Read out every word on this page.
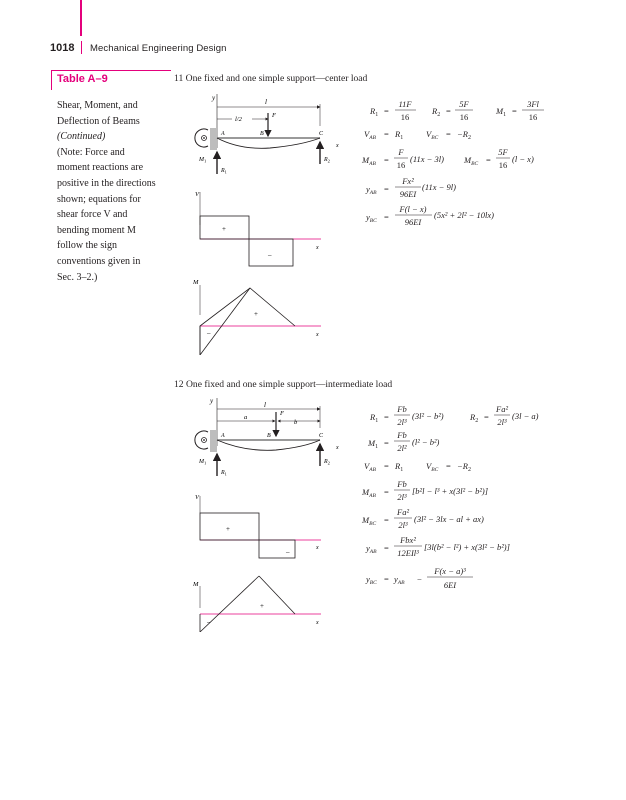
1018 Mechanical Engineering Design
Table A–9
Shear, Moment, and
Deflection of Beams
(Continued)
(Note: Force and
moment reactions are
positive in the directions
shown; equations for
shear force V and
bending moment M
follow the sign
conventions given in
Sec. 3–2.)
11 One fixed and one simple support—center load
12 One fixed and one simple support—intermediate load
y	l
l/2
F
A	B	C
x
$M_1$
$R_1$
$R_2$
V
+
–
x
M
+
–	x
$R_1$ =
11F
16
$R_2$ =
5F
16
$M_1$ =
3Fl
16
$V_{AB} = R_1$	$V_{BC} = -R_2$
$M_{AB}$ =
F
16
(11x − 3l) $M_{BC}$ =
5F
16
(l − x)
$y_{AB}$ =
Fx²
96EI
(11x − 9l)
$y_{BC}$ =
F(l − x)
96EI
(5x² + 2l² − 10lx)
y	l
a
b
F
A	B	C
x
$M_1$
$R_1$
$R_2$
V
+
–	x
M
+
–	x
$R_1$ =
Fb
2l³
(3l² − b²)	$R_2$ =
Fa²
2l³
(3l − a)
$M_1$ =
Fb
2l²
(l² − b²)
$V_{AB} = R_1$	$V_{BC} = -R_2$
$M_{AB}$ =
Fb
2l³
[b²l − l³ + x(3l² − b²)]
$M_{BC}$ =
Fa²
2l³
(3l² − 3lx − al + ax)
$y_{AB}$ =
Fbx²
12EIl³
[3l(b² − l²) + x(3l² − b²)]
$y_{BC} = y_{AB}$ −
F(x − a)³
6EI
